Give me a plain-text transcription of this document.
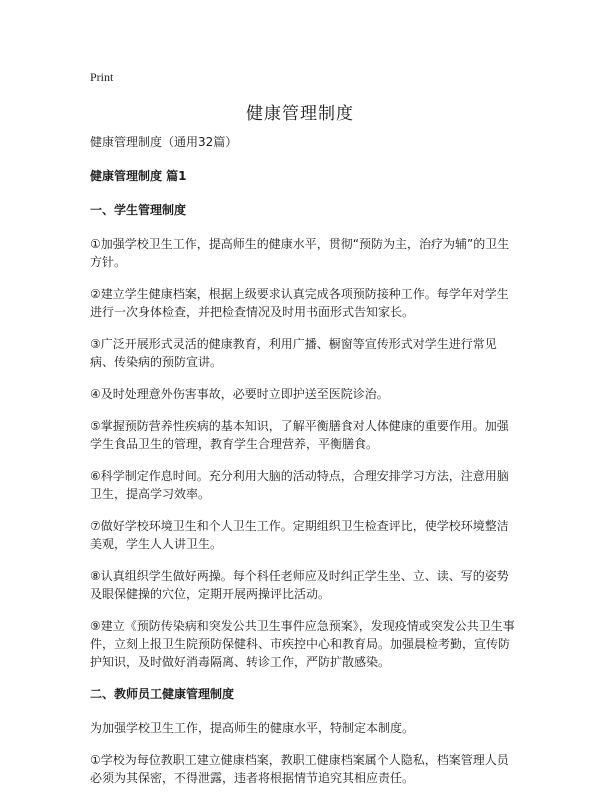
Print
健康管理制度

健康管理制度（通用32篇）

健康管理制度 篇1

一、学生管理制度

①加强学校卫生工作，提高师生的健康水平，贯彻“预防为主，治疗为辅”的卫生方针。

②建立学生健康档案，根据上级要求认真完成各项预防接种工作。每学年对学生进行一次身体检查，并把检查情况及时用书面形式告知家长。

③广泛开展形式灵活的健康教育，利用广播、橱窗等宣传形式对学生进行常见病、传染病的预防宣讲。

④及时处理意外伤害事故，必要时立即护送至医院诊治。

⑤掌握预防营养性疾病的基本知识，了解平衡膳食对人体健康的重要作用。加强学生食品卫生的管理，教育学生合理营养，平衡膳食。

⑥科学制定作息时间。充分利用大脑的活动特点，合理安排学习方法，注意用脑卫生，提高学习效率。

⑦做好学校环境卫生和个人卫生工作。定期组织卫生检查评比，使学校环境整洁美观，学生人人讲卫生。

⑧认真组织学生做好两操。每个科任老师应及时纠正学生坐、立、读、写的姿势及眼保健操的穴位，定期开展两操评比活动。

⑨建立《预防传染病和突发公共卫生事件应急预案》，发现疫情或突发公共卫生事件，立刻上报卫生院预防保健科、市疾控中心和教育局。加强晨检考勤，宣传防护知识，及时做好消毒隔离、转诊工作，严防扩散感染。

二、教师员工健康管理制度

为加强学校卫生工作，提高师生的健康水平，特制定本制度。

①学校为每位教职工建立健康档案，教职工健康档案属个人隐私，档案管理人员必须为其保密，不得泄露，违者将根据情节追究其相应责任。
